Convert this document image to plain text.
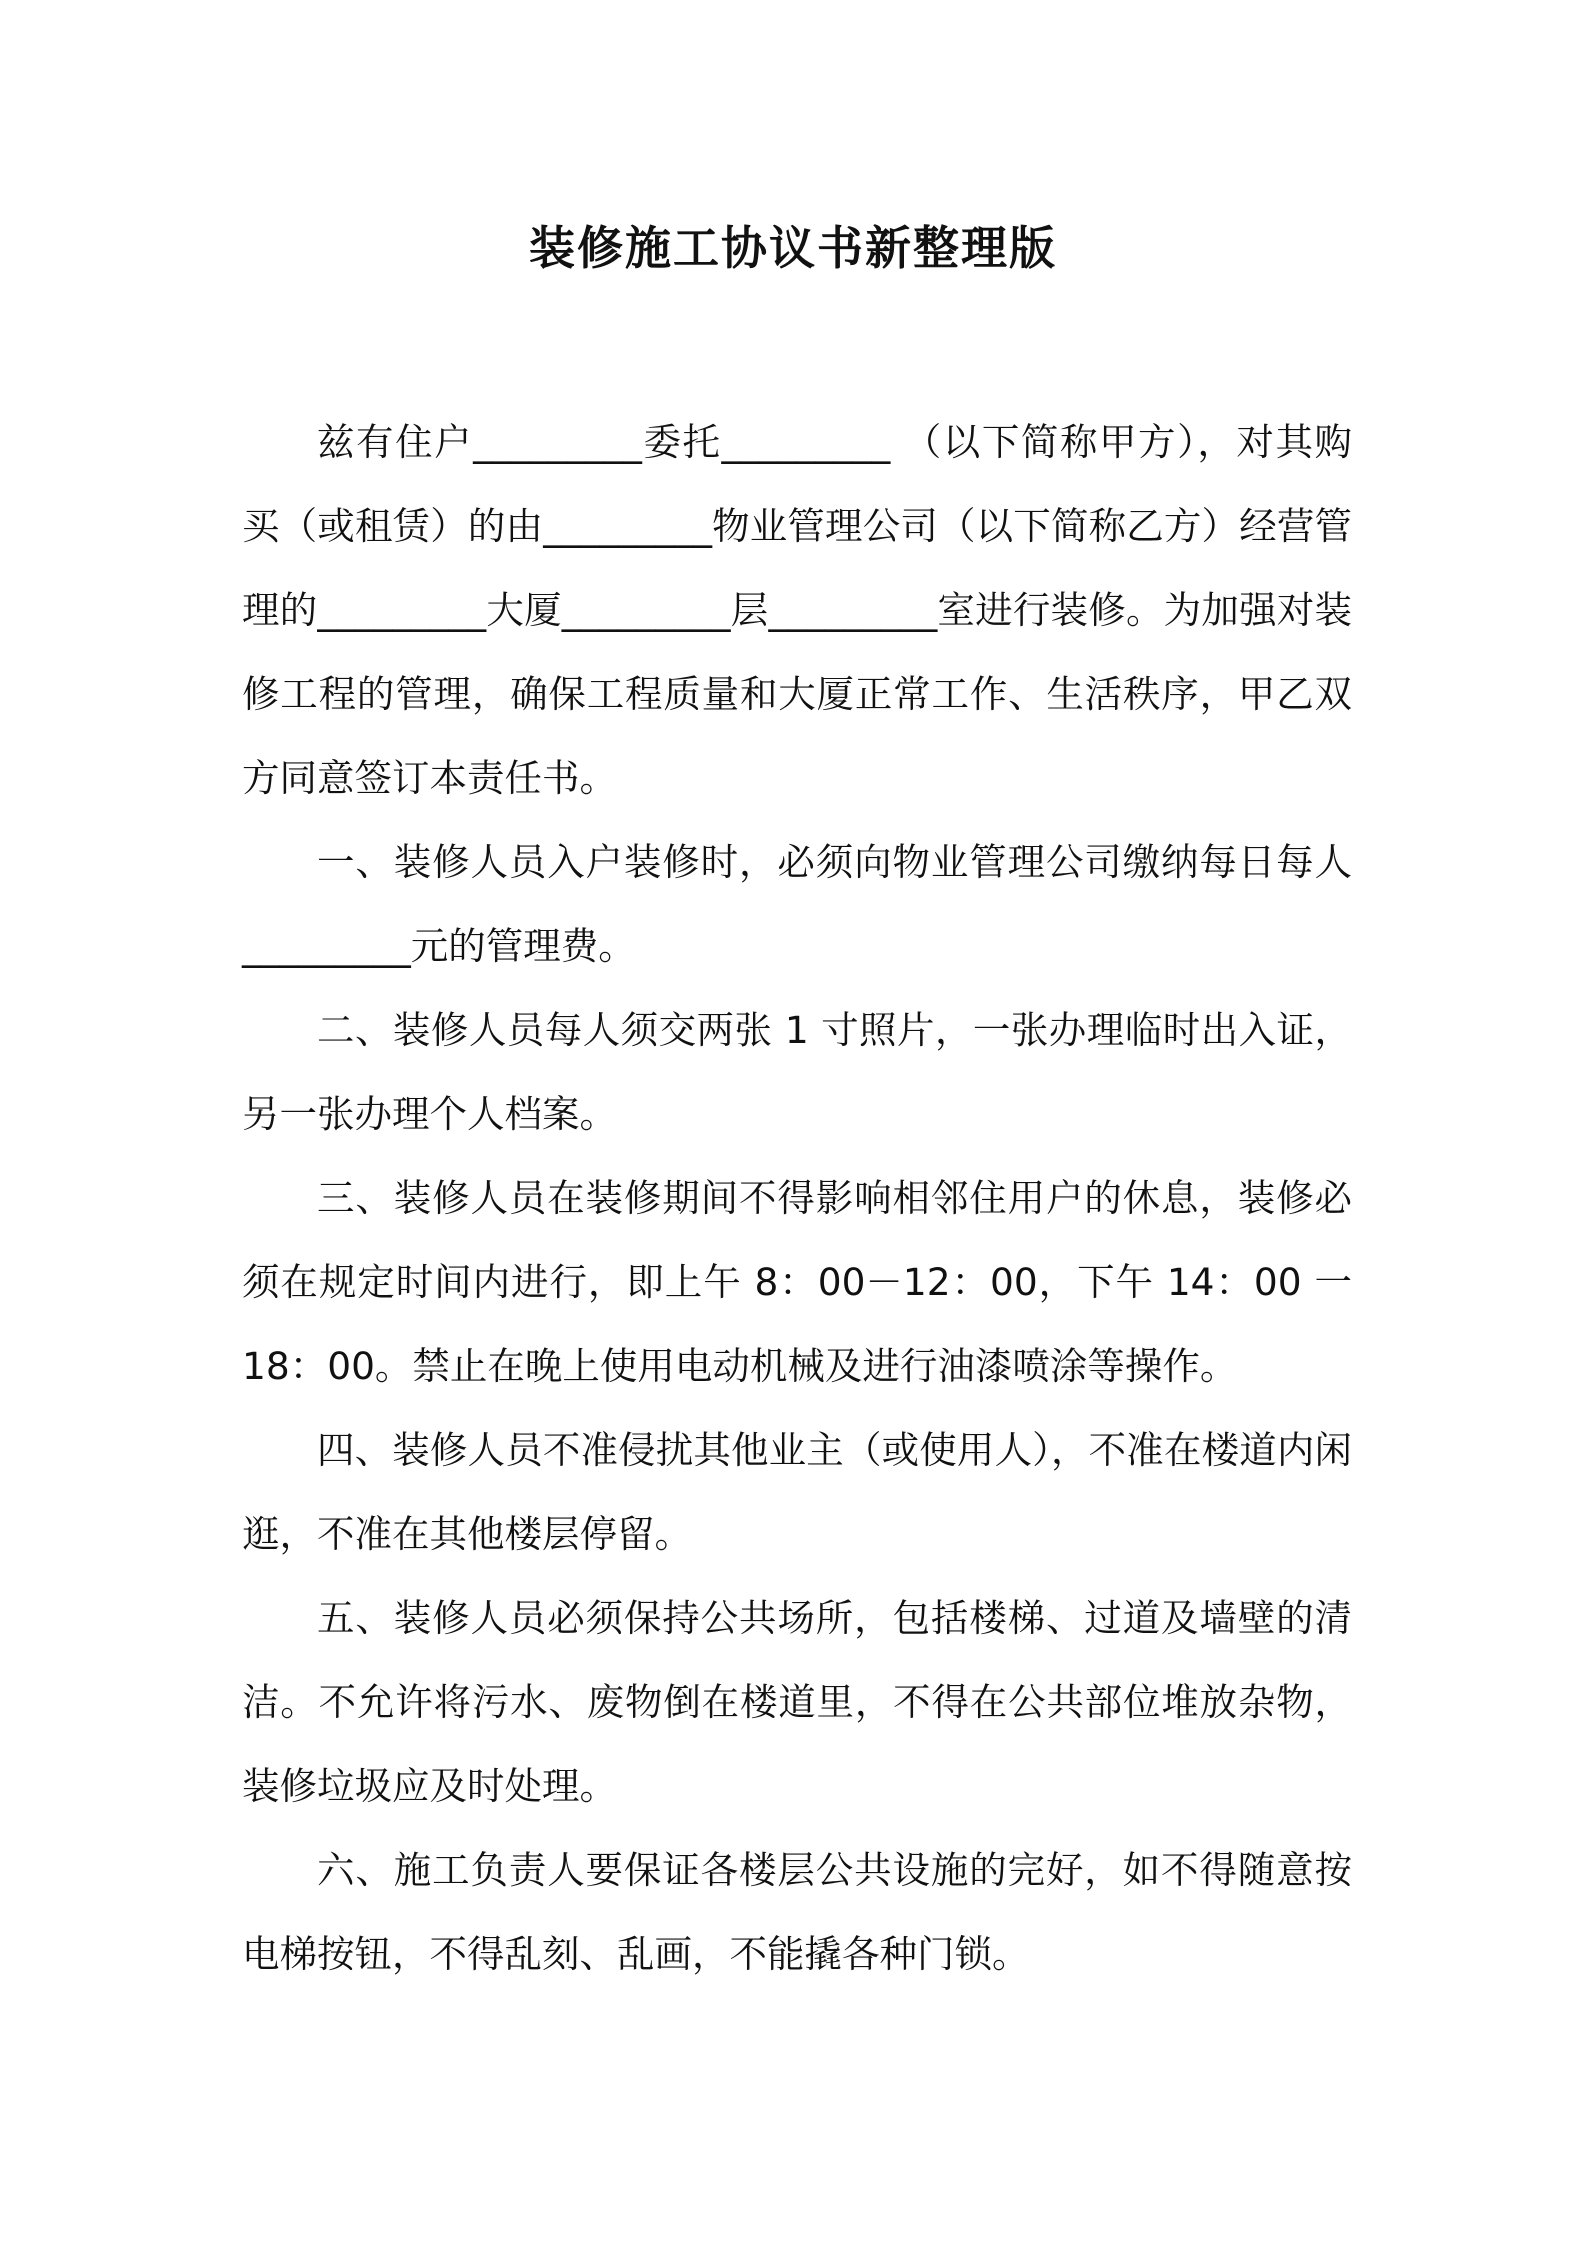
装修施工协议书新整理版

兹有住户_________委托_________ （以下简称甲方），对其购买（或租赁）的由_________物业管理公司（以下简称乙方）经营管理的_________大厦_________层_________室进行装修。为加强对装修工程的管理，确保工程质量和大厦正常工作、生活秩序，甲乙双方同意签订本责任书。

一、装修人员入户装修时，必须向物业管理公司缴纳每日每人_________元的管理费。

二、装修人员每人须交两张 1 寸照片，一张办理临时出入证，另一张办理个人档案。

三、装修人员在装修期间不得影响相邻住用户的休息，装修必须在规定时间内进行，即上午 8：00－12：00，下午 14：00 一 18：00。禁止在晚上使用电动机械及进行油漆喷涂等操作。

四、装修人员不准侵扰其他业主（或使用人），不准在楼道内闲逛，不准在其他楼层停留。

五、装修人员必须保持公共场所，包括楼梯、过道及墙壁的清洁。不允许将污水、废物倒在楼道里，不得在公共部位堆放杂物，装修垃圾应及时处理。

六、施工负责人要保证各楼层公共设施的完好，如不得随意按电梯按钮，不得乱刻、乱画，不能撬各种门锁。
